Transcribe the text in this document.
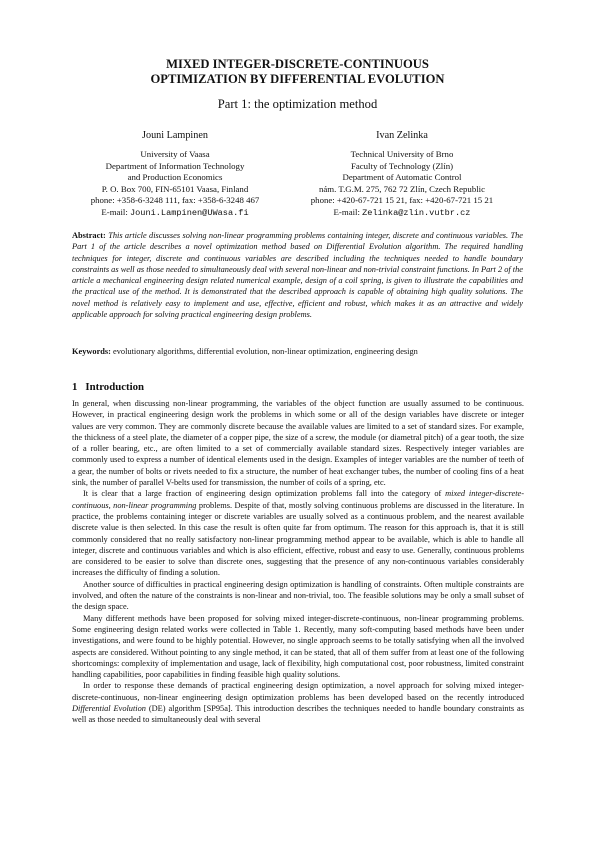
MIXED INTEGER-DISCRETE-CONTINUOUS
OPTIMIZATION BY DIFFERENTIAL EVOLUTION
Part 1: the optimization method
Jouni Lampinen
University of Vaasa
Department of Information Technology
and Production Economics
P. O. Box 700, FIN-65101 Vaasa, Finland
phone: +358-6-3248 111, fax: +358-6-3248 467
E-mail: Jouni.Lampinen@UWasa.fi
Ivan Zelinka
Technical University of Brno
Faculty of Technology (Zlín)
Department of Automatic Control
nám. T.G.M. 275, 762 72 Zlín, Czech Republic
phone: +420-67-721 15 21, fax: +420-67-721 15 21
E-mail: Zelinka@zlin.vutbr.cz
Abstract: This article discusses solving non-linear programming problems containing integer, discrete and continuous variables. The Part 1 of the article describes a novel optimization method based on Differential Evolution algorithm. The required handling techniques for integer, discrete and continuous variables are described including the techniques needed to handle boundary constraints as well as those needed to simultaneously deal with several non-linear and non-trivial constraint functions. In Part 2 of the article a mechanical engineering design related numerical example, design of a coil spring, is given to illustrate the capabilities and the practical use of the method. It is demonstrated that the described approach is capable of obtaining high quality solutions. The novel method is relatively easy to implement and use, effective, efficient and robust, which makes it as an attractive and widely applicable approach for solving practical engineering design problems.
Keywords: evolutionary algorithms, differential evolution, non-linear optimization, engineering design
1 Introduction

In general, when discussing non-linear programming, the variables of the object function are usually assumed to be continuous. However, in practical engineering design work the problems in which some or all of the design variables have discrete or integer values are very common. They are commonly discrete because the available values are limited to a set of standard sizes. For example, the thickness of a steel plate, the diameter of a copper pipe, the size of a screw, the module (or diametral pitch) of a gear tooth, the size of a roller bearing, etc., are often limited to a set of commercially available standard sizes. Respectively integer variables are commonly used to express a number of identical elements used in the design. Examples of integer variables are the number of teeth of a gear, the number of bolts or rivets needed to fix a structure, the number of heat exchanger tubes, the number of cooling fins of a heat sink, the number of parallel V-belts used for transmission, the number of coils of a spring, etc.

It is clear that a large fraction of engineering design optimization problems fall into the category of mixed integer-discrete-continuous, non-linear programming problems. Despite of that, mostly solving continuous problems are discussed in the literature. In practice, the problems containing integer or discrete variables are usually solved as a continuous problem, and the nearest available discrete value is then selected. In this case the result is often quite far from optimum. The reason for this approach is, that it is still commonly considered that no really satisfactory non-linear programming method appear to be available, which is able to handle all integer, discrete and continuous variables and which is also efficient, effective, robust and easy to use. Generally, continuous problems are considered to be easier to solve than discrete ones, suggesting that the presence of any non-continuous variables considerably increases the difficulty of finding a solution.

Another source of difficulties in practical engineering design optimization is handling of constraints. Often multiple constraints are involved, and often the nature of the constraints is non-linear and non-trivial, too. The feasible solutions may be only a small subset of the design space.

Many different methods have been proposed for solving mixed integer-discrete-continuous, non-linear programming problems. Some engineering design related works were collected in Table 1. Recently, many soft-computing based methods have been under investigations, and were found to be highly potential. However, no single approach seems to be totally satisfying when all the involved aspects are considered. Without pointing to any single method, it can be stated, that all of them suffer from at least one of the following shortcomings: complexity of implementation and usage, lack of flexibility, high computational cost, poor robustness, limited constraint handling capabilities, poor capabilities in finding feasible high quality solutions.

In order to response these demands of practical engineering design optimization, a novel approach for solving mixed integer-discrete-continuous, non-linear engineering design optimization problems has been developed based on the recently introduced Differential Evolution (DE) algorithm [SP95a]. This introduction describes the techniques needed to handle boundary constraints as well as those needed to simultaneously deal with several
